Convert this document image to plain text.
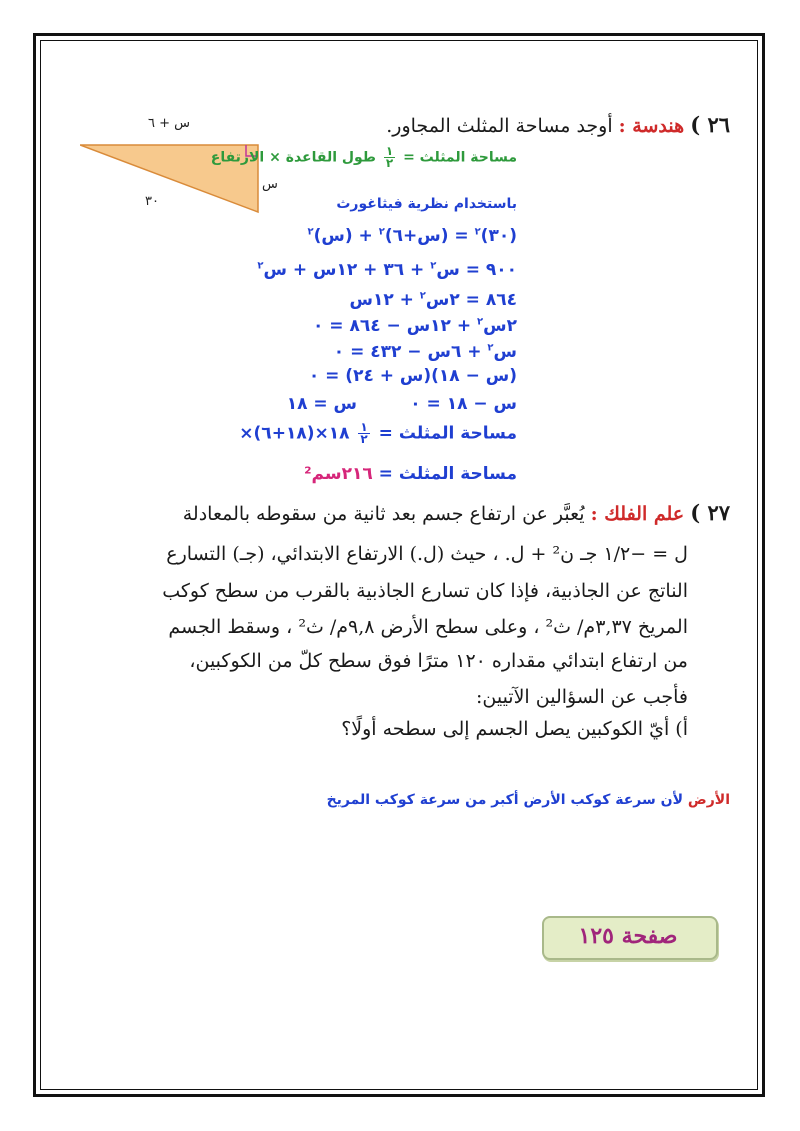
٢٦ ) هندسة : أوجد مساحة المثلث المجاور.
س + ٦
س
٣٠
مساحة المثلث =
$\frac{١}{٢}$
طول القاعدة × الارتفاع
باستخدام نظرية فيثاغورث
(٣٠)$^٢$ = (س+٦)$^٢$ + (س)$^٢$
٩٠٠ = س$^٢$ + ٣٦ + ١٢س + س$^٢$
٨٦٤ = ٢س$^٢$ + ١٢س
٢س$^٢$ + ١٢س − ٨٦٤ = ٠
س$^٢$ + ٦س − ٤٣٢ = ٠
(س − ١٨)(س + ٢٤) = ٠
س − ١٨ = ٠
س = ١٨
مساحة المثلث =
$\frac{١}{٢}$
١٨×(١٨+٦)×
مساحة المثلث = ٢١٦سم²
٢٧ ) علم الفلك : يُعبَّر عن ارتفاع جسم بعد ثانية من سقوطه بالمعادلة
ل = −١/٢ جـ ن² + ل. ، حيث (ل.) الارتفاع الابتدائي، (جـ) التسارع
الناتج عن الجاذبية، فإذا كان تسارع الجاذبية بالقرب من سطح كوكب
المريخ ٣,٣٧م/ ث² ، وعلى سطح الأرض ٩,٨م/ ث² ، وسقط الجسم
من ارتفاع ابتدائي مقداره ١٢٠ مترًا فوق سطح كلّ من الكوكبين،
فأجب عن السؤالين الآتيين:
أ) أيّ الكوكبين يصل الجسم إلى سطحه أولًا؟
الأرض لأن سرعة كوكب الأرض أكبر من سرعة كوكب المريخ
صفحة ١٢٥
